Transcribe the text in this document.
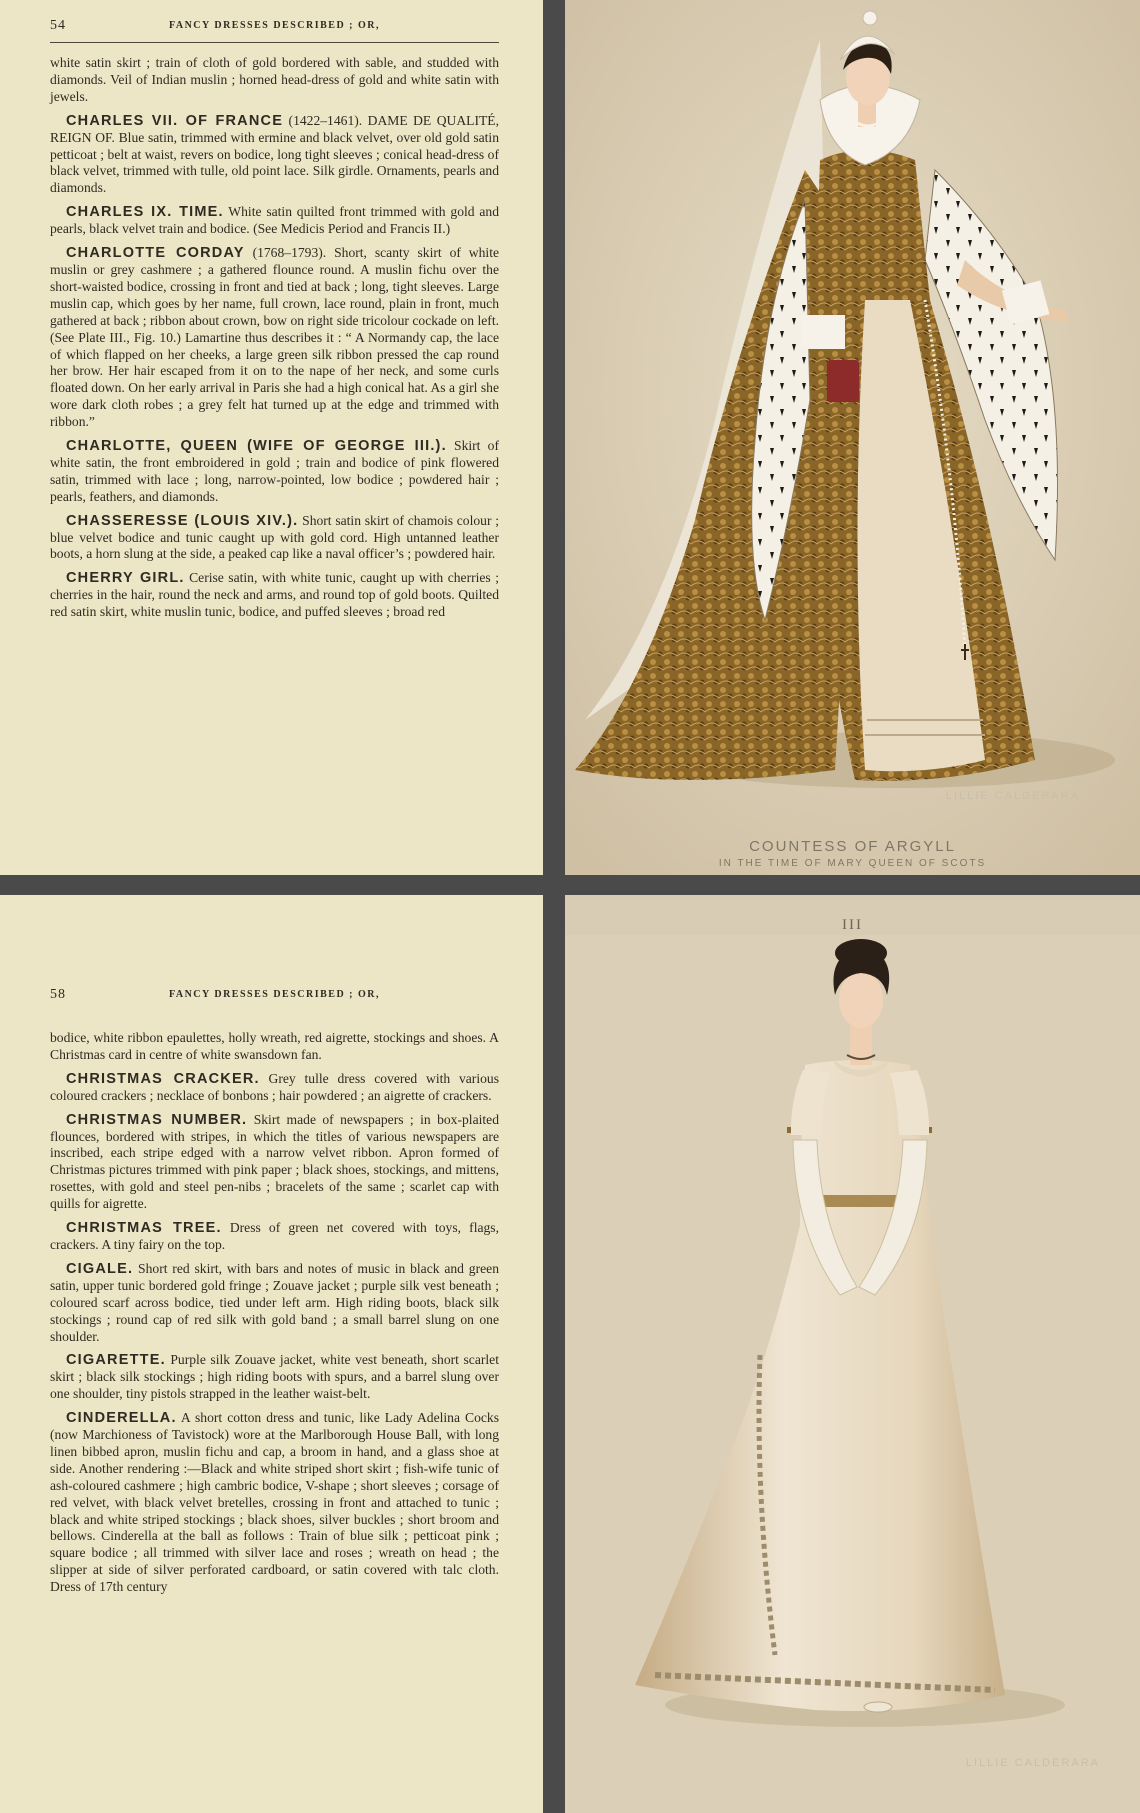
54	FANCY DRESSES DESCRIBED ; OR,

white satin skirt ; train of cloth of gold bordered with sable, and studded with diamonds. Veil of Indian muslin ; horned head-dress of gold and white satin with jewels.

CHARLES VII. OF FRANCE (1422–1461). DAME DE QUALITÉ, REIGN OF. Blue satin, trimmed with ermine and black velvet, over old gold satin petticoat ; belt at waist, revers on bodice, long tight sleeves ; conical head-dress of black velvet, trimmed with tulle, old point lace. Silk girdle. Ornaments, pearls and diamonds.

CHARLES IX. TIME. White satin quilted front trimmed with gold and pearls, black velvet train and bodice. (See Medicis Period and Francis II.)

CHARLOTTE CORDAY (1768–1793). Short, scanty skirt of white muslin or grey cashmere ; a gathered flounce round. A muslin fichu over the short-waisted bodice, crossing in front and tied at back ; long, tight sleeves. Large muslin cap, which goes by her name, full crown, lace round, plain in front, much gathered at back ; ribbon about crown, bow on right side tricolour cockade on left. (See Plate III., Fig. 10.) Lamartine thus describes it : “ A Normandy cap, the lace of which flapped on her cheeks, a large green silk ribbon pressed the cap round her brow. Her hair escaped from it on to the nape of her neck, and some curls floated down. On her early arrival in Paris she had a high conical hat. As a girl she wore dark cloth robes ; a grey felt hat turned up at the edge and trimmed with ribbon.”

CHARLOTTE, QUEEN (WIFE OF GEORGE III.). Skirt of white satin, the front embroidered in gold ; train and bodice of pink flowered satin, trimmed with lace ; long, narrow-pointed, low bodice ; powdered hair ; pearls, feathers, and diamonds.

CHASSERESSE (LOUIS XIV.). Short satin skirt of chamois colour ; blue velvet bodice and tunic caught up with gold cord. High untanned leather boots, a horn slung at the side, a peaked cap like a naval officer’s ; powdered hair.

CHERRY GIRL. Cerise satin, with white tunic, caught up with cherries ; cherries in the hair, round the neck and arms, and round top of gold boots. Quilted red satin skirt, white muslin tunic, bodice, and puffed sleeves ; broad red

LILLIE CALDERARA
COUNTESS OF ARGYLL
IN THE TIME OF MARY QUEEN OF SCOTS
58	FANCY DRESSES DESCRIBED ; OR,

bodice, white ribbon epaulettes, holly wreath, red aigrette, stockings and shoes. A Christmas card in centre of white swansdown fan.

CHRISTMAS CRACKER. Grey tulle dress covered with various coloured crackers ; necklace of bonbons ; hair powdered ; an aigrette of crackers.

CHRISTMAS NUMBER. Skirt made of newspapers ; in box-plaited flounces, bordered with stripes, in which the titles of various newspapers are inscribed, each stripe edged with a narrow velvet ribbon. Apron formed of Christmas pictures trimmed with pink paper ; black shoes, stockings, and mittens, rosettes, with gold and steel pen-nibs ; bracelets of the same ; scarlet cap with quills for aigrette.

CHRISTMAS TREE. Dress of green net covered with toys, flags, crackers. A tiny fairy on the top.

CIGALE. Short red skirt, with bars and notes of music in black and green satin, upper tunic bordered gold fringe ; Zouave jacket ; purple silk vest beneath ; coloured scarf across bodice, tied under left arm. High riding boots, black silk stockings ; round cap of red silk with gold band ; a small barrel slung on one shoulder.

CIGARETTE. Purple silk Zouave jacket, white vest beneath, short scarlet skirt ; black silk stockings ; high riding boots with spurs, and a barrel slung over one shoulder, tiny pistols strapped in the leather waist-belt.

CINDERELLA. A short cotton dress and tunic, like Lady Adelina Cocks (now Marchioness of Tavistock) wore at the Marlborough House Ball, with long linen bibbed apron, muslin fichu and cap, a broom in hand, and a glass shoe at side. Another rendering :—Black and white striped short skirt ; fish-wife tunic of ash-coloured cashmere ; high cambric bodice, V-shape ; short sleeves ; corsage of red velvet, with black velvet bretelles, crossing in front and attached to tunic ; black and white striped stockings ; black shoes, silver buckles ; short broom and bellows. Cinderella at the ball as follows : Train of blue silk ; petticoat pink ; square bodice ; all trimmed with silver lace and roses ; wreath on head ; the slipper at side of silver perforated cardboard, or satin covered with talc cloth. Dress of 17th century

III
LILLIE CALDERARA
